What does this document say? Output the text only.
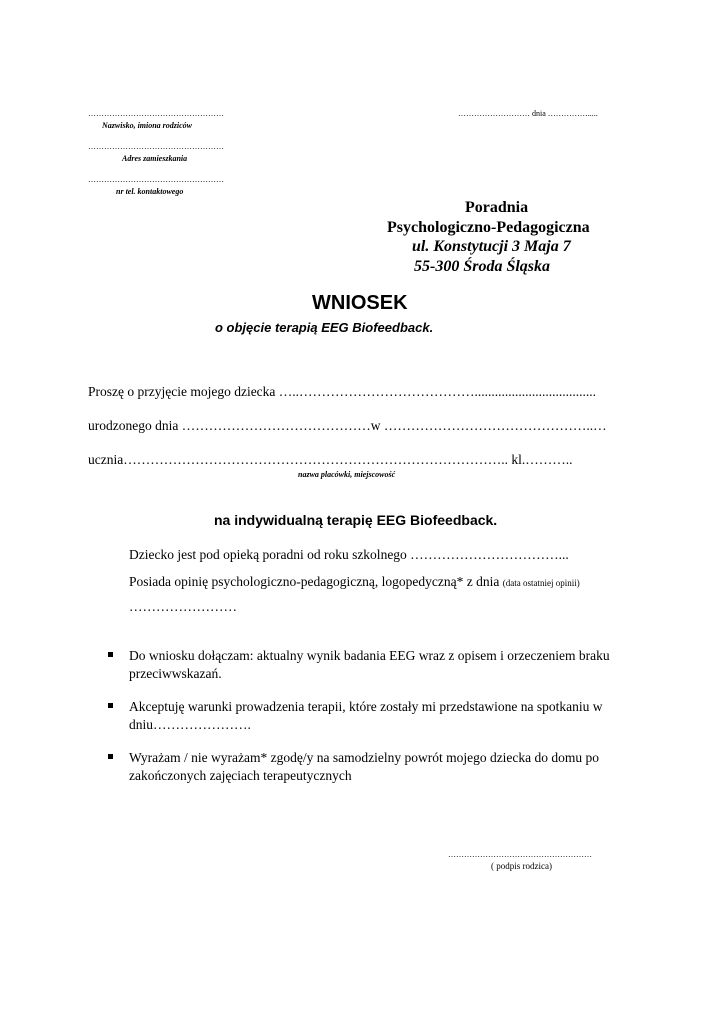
……………………………………………
Nazwisko, imiona rodziców
……………………………………………
Adres zamieszkania
……………………………………………
nr tel. kontaktowego
……………………… dnia …………….....
Poradnia
Psychologiczno-Pedagogiczna
ul. Konstytucji 3 Maja 7
55-300 Środa Śląska
WNIOSEK
o objęcie terapią EEG Biofeedback.
Proszę o przyjęcie mojego dziecka …..…………………………………....................................
urodzonego dnia ……………………………………w ………………………………………..…
ucznia………………………………………………………………………….. kl.………..
nazwa placówki, miejscowość
na indywidualną terapię EEG Biofeedback.
Dziecko jest pod opieką poradni od roku szkolnego ……………………………...
Posiada opinię psychologiczno-pedagogiczną, logopedyczną* z dnia (data ostatniej opinii)
……………………
Do wniosku dołączam: aktualny wynik badania EEG wraz z opisem i orzeczeniem braku przeciwwskazań.
Akceptuję warunki prowadzenia terapii, które zostały mi przedstawione na spotkaniu w dniu………………….
Wyrażam / nie wyrażam* zgodę/y na samodzielny powrót mojego dziecka do domu po zakończonych zajęciach terapeutycznych
………………………………………………
( podpis rodzica)
